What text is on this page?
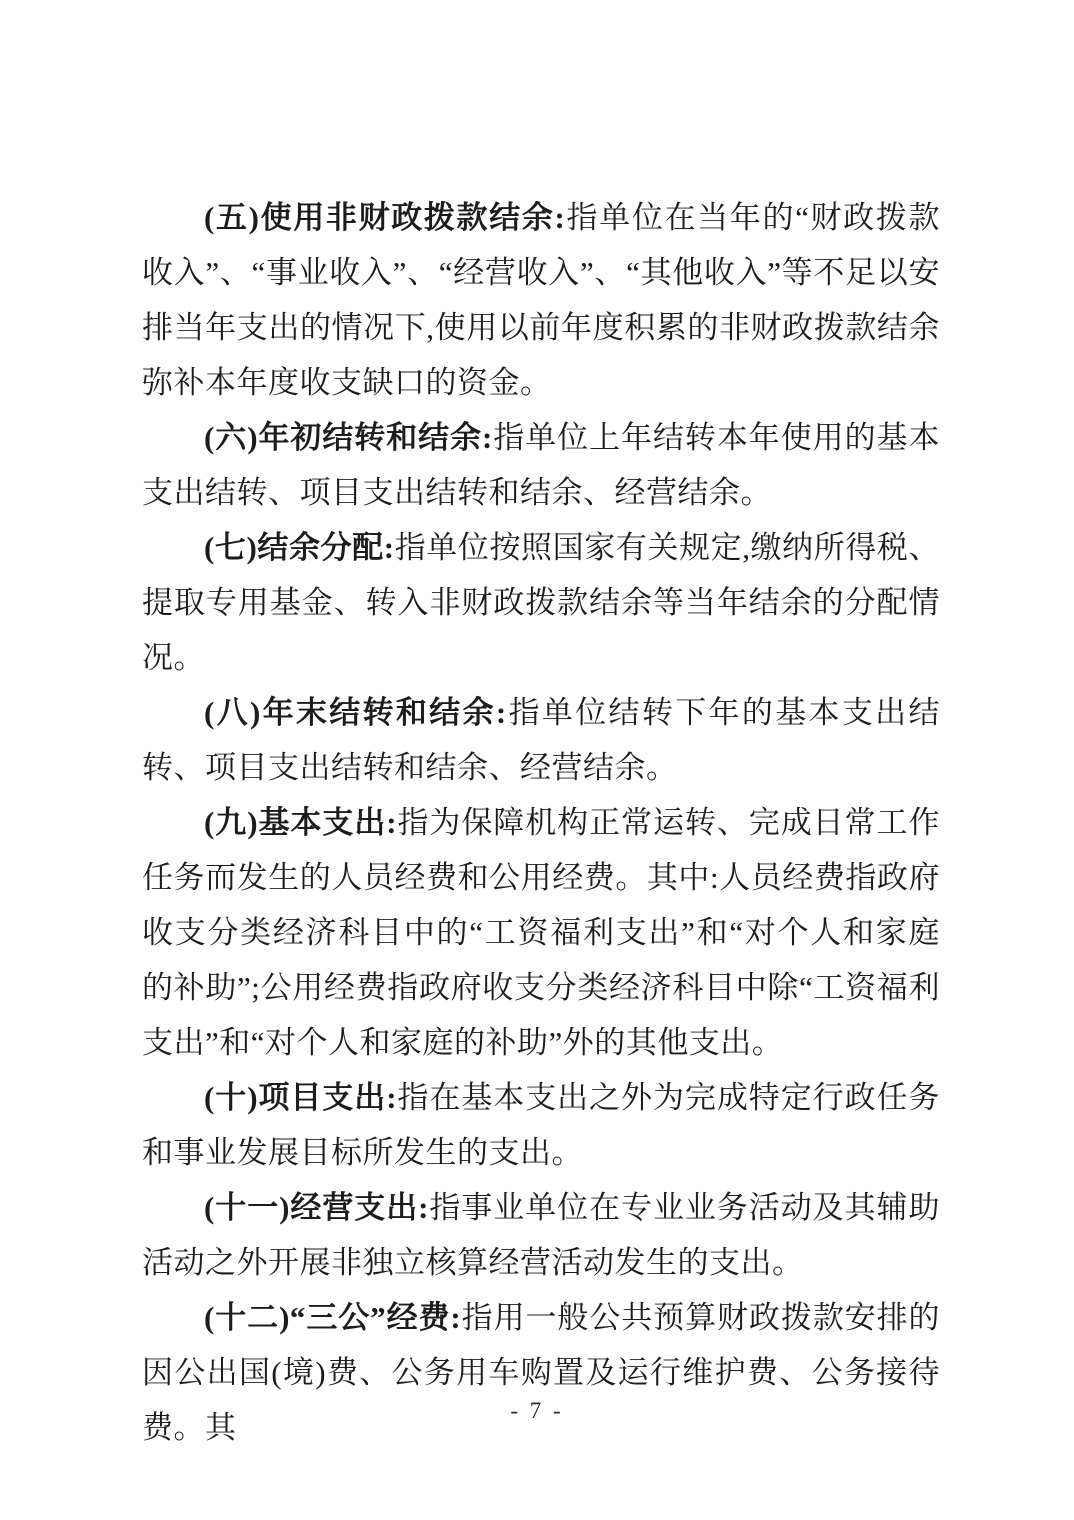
(五)使用非财政拨款结余:指单位在当年的“财政拨款收入”、“事业收入”、“经营收入”、“其他收入”等不足以安排当年支出的情况下,使用以前年度积累的非财政拨款结余弥补本年度收支缺口的资金。

(六)年初结转和结余:指单位上年结转本年使用的基本支出结转、项目支出结转和结余、经营结余。

(七)结余分配:指单位按照国家有关规定,缴纳所得税、提取专用基金、转入非财政拨款结余等当年结余的分配情况。

(八)年末结转和结余:指单位结转下年的基本支出结转、项目支出结转和结余、经营结余。

(九)基本支出:指为保障机构正常运转、完成日常工作任务而发生的人员经费和公用经费。其中:人员经费指政府收支分类经济科目中的“工资福利支出”和“对个人和家庭的补助”;公用经费指政府收支分类经济科目中除“工资福利支出”和“对个人和家庭的补助”外的其他支出。

(十)项目支出:指在基本支出之外为完成特定行政任务和事业发展目标所发生的支出。

(十一)经营支出:指事业单位在专业业务活动及其辅助活动之外开展非独立核算经营活动发生的支出。

(十二)“三公”经费:指用一般公共预算财政拨款安排的因公出国(境)费、公务用车购置及运行维护费、公务接待费。其	- 7 -
